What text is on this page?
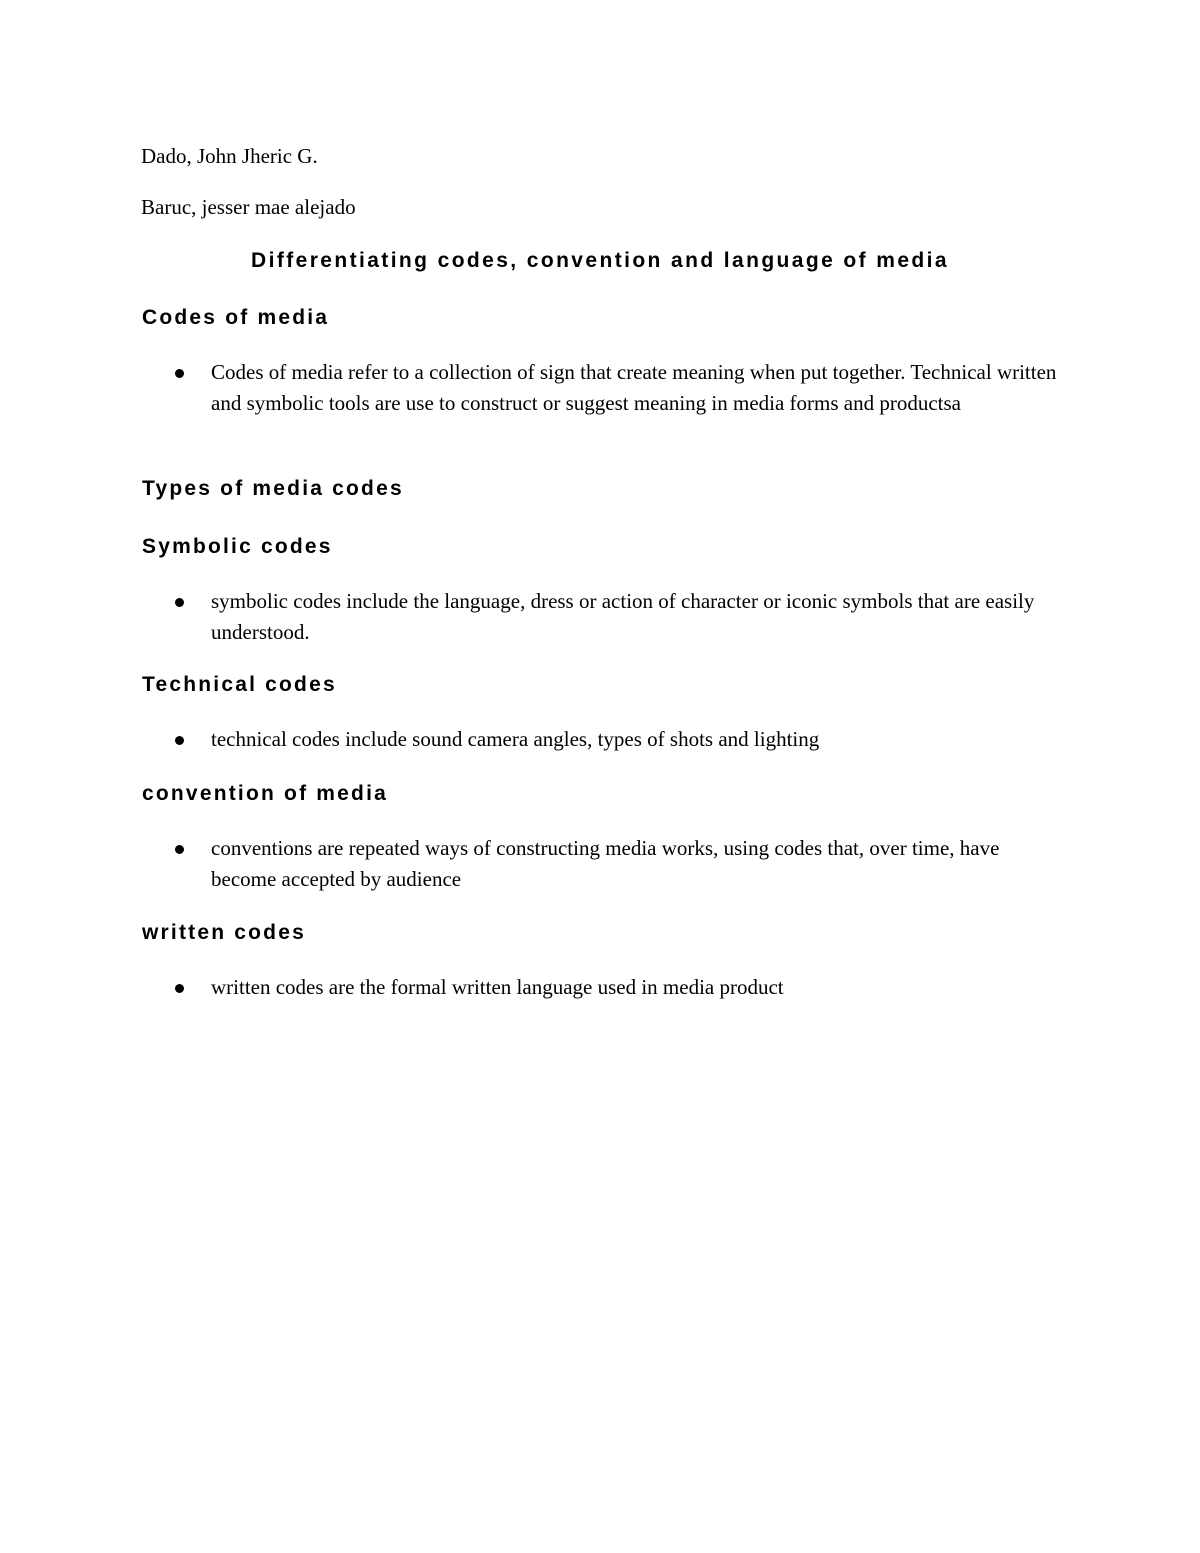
Dado, John Jheric G.

Baruc, jesser mae alejado

Differentiating codes, convention and language of media
Codes of media

Codes of media refer to a collection of sign that create meaning when put together. Technical written and symbolic tools are use to construct or suggest meaning in media forms and productsa

Types of media codes
Symbolic codes

symbolic codes include the language, dress or action of character or iconic symbols that are easily understood.

Technical codes

technical codes include sound camera angles, types of shots and lighting

convention of media

conventions are repeated ways of constructing media works, using codes that, over time, have become accepted by audience

written codes

written codes are the formal written language used in media product
